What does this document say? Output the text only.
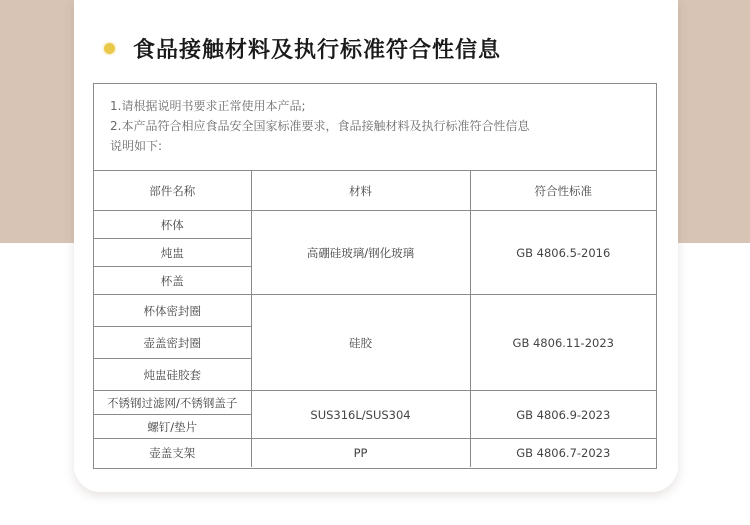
食品接触材料及执行标准符合性信息
1.请根据说明书要求正常使用本产品;
2.本产品符合相应食品安全国家标准要求，食品接触材料及执行标准符合性信息
说明如下:
部件名称	材料	符合性标准
杯体	高硼硅玻璃/钢化玻璃	GB 4806.5-2016
炖盅		
杯盖		
杯体密封圈	硅胶	GB 4806.11-2023
壶盖密封圈		
炖盅硅胶套		
不锈钢过滤网/不锈钢盖子	SUS316L/SUS304	GB 4806.9-2023
螺钉/垫片		
壶盖支架	PP	GB 4806.7-2023
